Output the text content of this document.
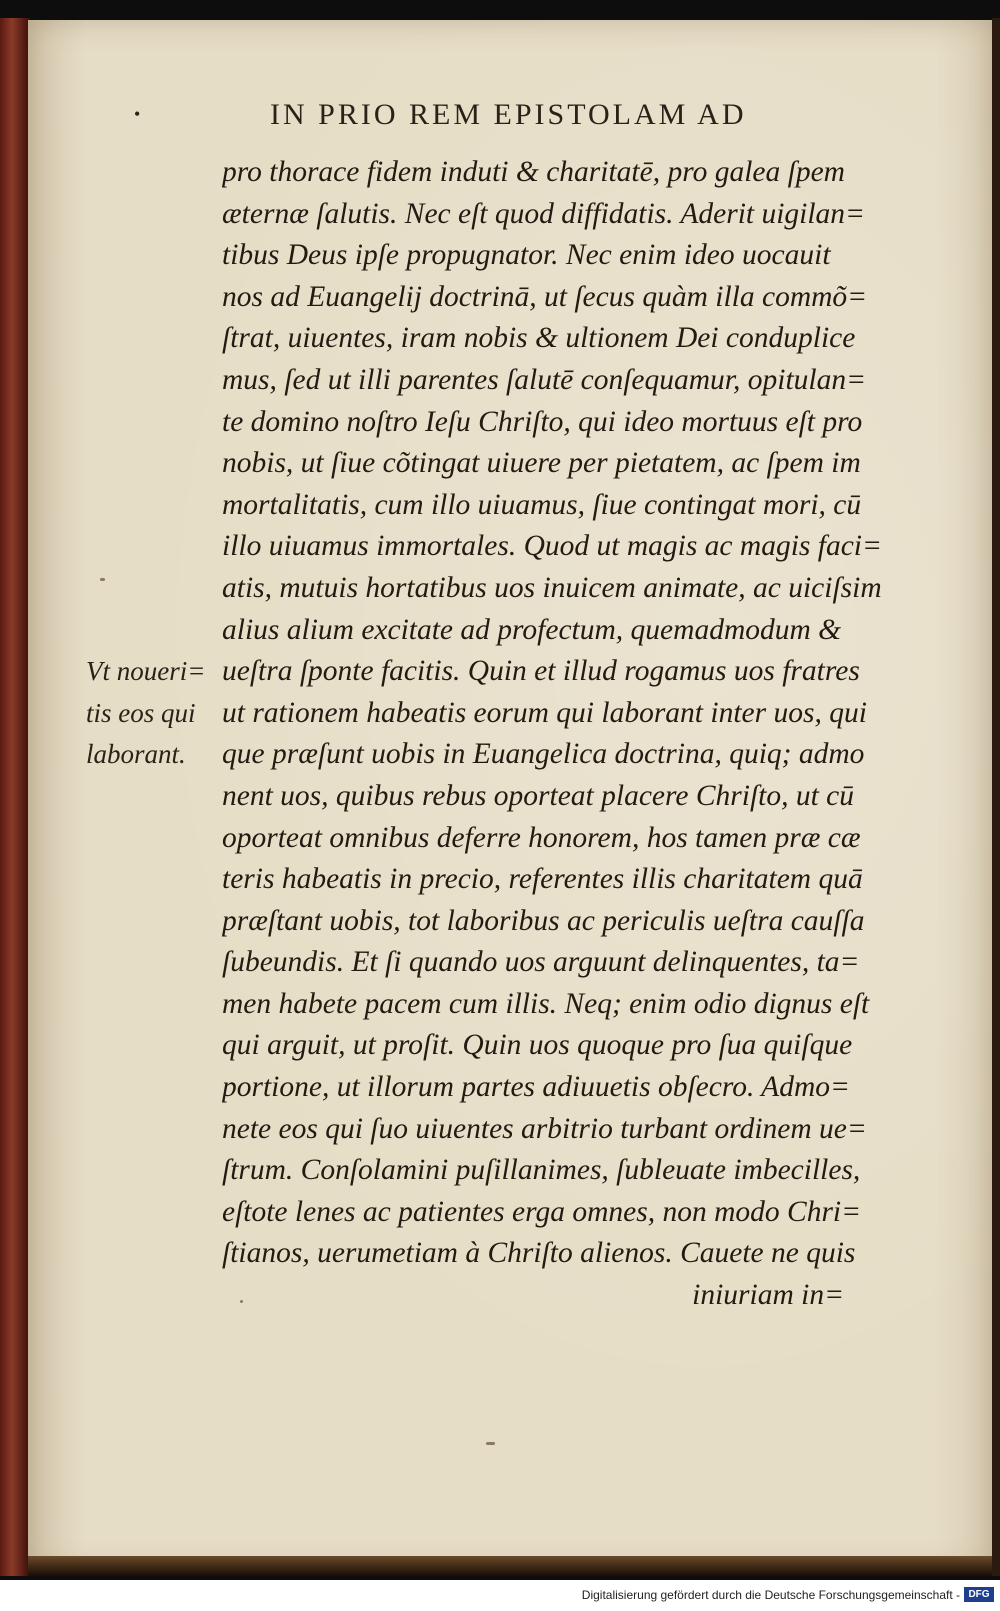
•	IN PRIO REM EPISTOLAM AD
pro thorace fidem induti & charitatē, pro galea ſpem
æternæ ſalutis. Nec eſt quod diffidatis. Aderit uigilan=
tibus Deus ipſe propugnator. Nec enim ideo uocauit
nos ad Euangelij doctrinā, ut ſecus quàm illa commõ=
ſtrat, uiuentes, iram nobis & ultionem Dei conduplice
mus, ſed ut illi parentes ſalutē conſequamur, opitulan=
te domino noſtro Ieſu Chriſto, qui ideo mortuus eſt pro
nobis, ut ſiue cõtingat uiuere per pietatem, ac ſpem im
mortalitatis, cum illo uiuamus, ſiue contingat mori, cū
illo uiuamus immortales. Quod ut magis ac magis faci=
atis, mutuis hortatibus uos inuicem animate, ac uiciſsim
alius alium excitate ad profectum, quemadmodum &
ueſtra ſponte facitis. Quin et illud rogamus uos fratres
ut rationem habeatis eorum qui laborant inter uos, qui
que præſunt uobis in Euangelica doctrina, quiq; admo
nent uos, quibus rebus oporteat placere Chriſto, ut cū
oporteat omnibus deferre honorem, hos tamen præ cæ
teris habeatis in precio, referentes illis charitatem quā
præſtant uobis, tot laboribus ac periculis ueſtra cauſſa
ſubeundis. Et ſi quando uos arguunt delinquentes, ta=
men habete pacem cum illis. Neq; enim odio dignus eſt
qui arguit, ut proſit. Quin uos quoque pro ſua quiſque
portione, ut illorum partes adiuuetis obſecro. Admo=
nete eos qui ſuo uiuentes arbitrio turbant ordinem ue=
ſtrum. Conſolamini puſillanimes, ſubleuate imbecilles,
eſtote lenes ac patientes erga omnes, non modo Chri=
ſtianos, uerumetiam à Chriſto alienos. Cauete ne quis
iniuriam in=
Vt noueri=
tis eos qui
laborant.
Digitalisierung gefördert durch die Deutsche Forschungsgemeinschaft - DFG
